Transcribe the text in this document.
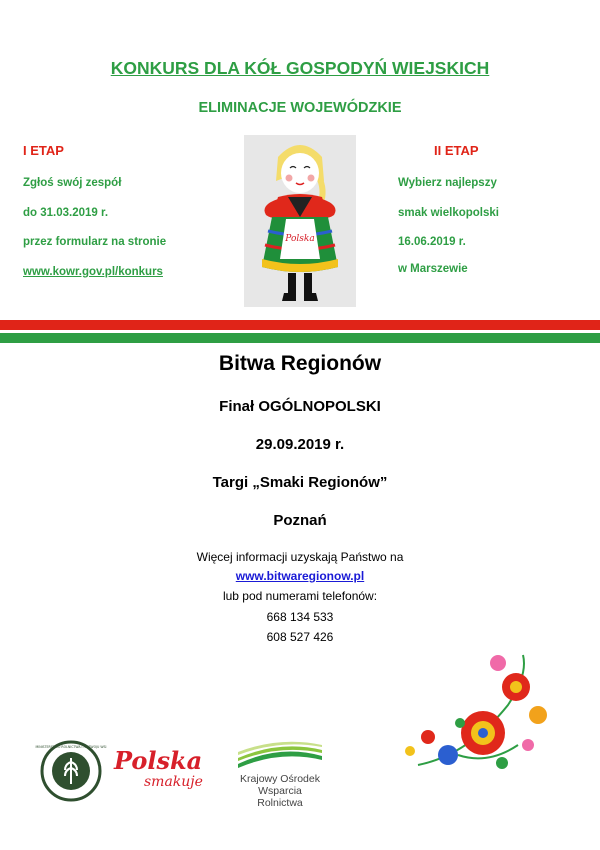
KONKURS DLA KÓŁ GOSPODYŃ WIEJSKICH
ELIMINACJE WOJEWÓDZKIE
I ETAP
Zgłoś swój zespół
do 31.03.2019 r.
przez formularz na stronie
www.kowr.gov.pl/konkurs
II ETAP
Wybierz najlepszy
smak wielkopolski
16.06.2019 r.
w Marszewie
Polska
Bitwa Regionów
Finał OGÓLNOPOLSKI
29.09.2019 r.
Targi „Smaki Regionów”
Poznań
Więcej informacji uzyskają Państwo na
www.bitwaregionow.pl
lub pod numerami telefonów:
668 134 533
608 527 426
MINISTERSTWO ROLNICTWA I ROZWOJU WSI Polska
smakuje	Krajowy Ośrodek
Wsparcia Rolnictwa
